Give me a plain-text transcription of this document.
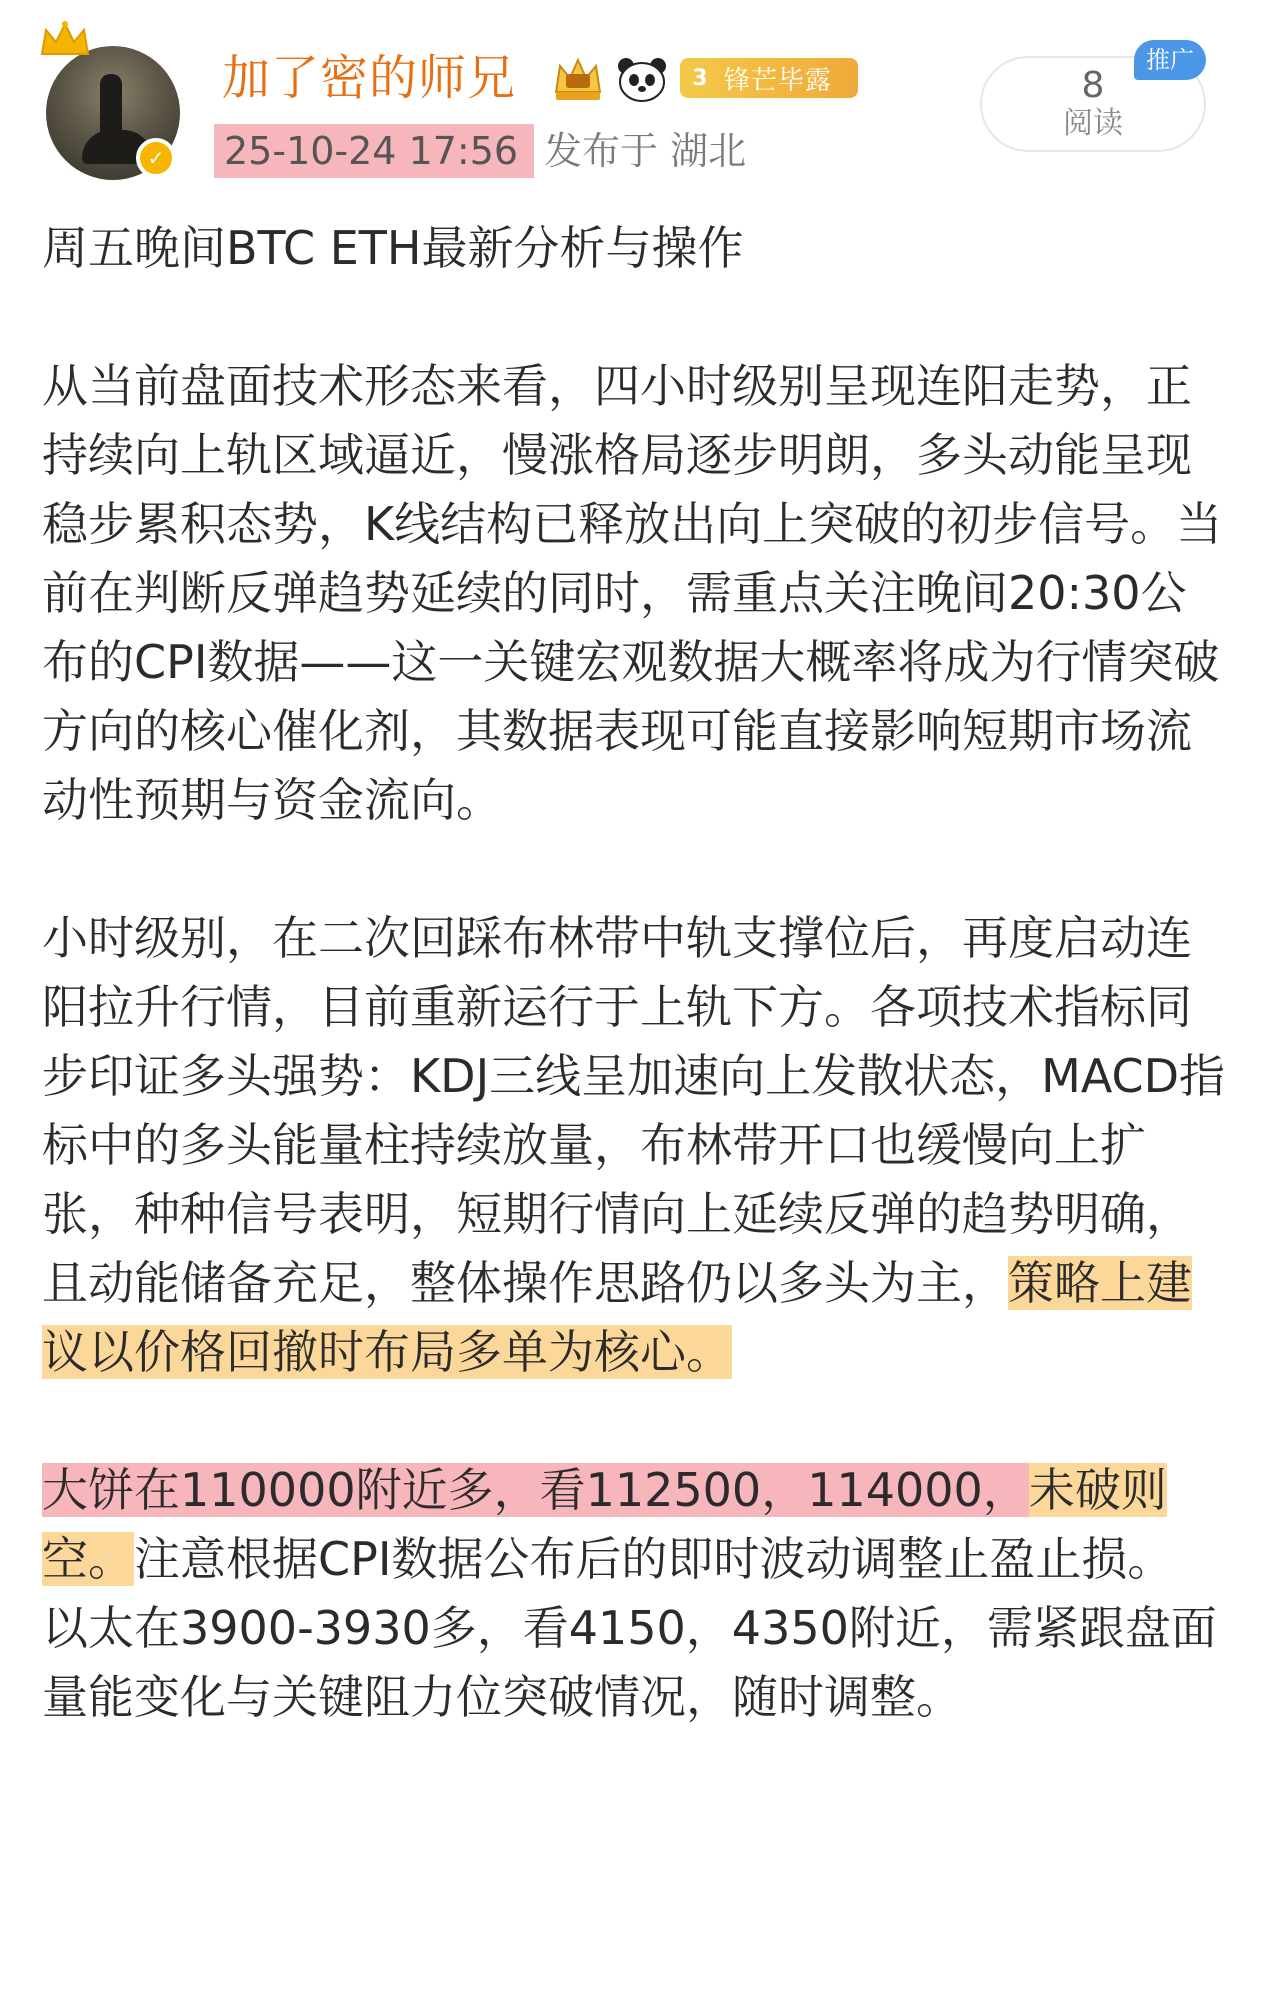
✓
加了密的师兄	3 锋芒毕露
25-10-24 17:56 发布于 湖北
8
阅读
推广

周五晚间BTC ETH最新分析与操作

从当前盘面技术形态来看，四小时级别呈现连阳走势，正持续向上轨区域逼近，慢涨格局逐步明朗，多头动能呈现稳步累积态势，K线结构已释放出向上突破的初步信号。当前在判断反弹趋势延续的同时，需重点关注晚间20:30公布的CPI数据——这一关键宏观数据大概率将成为行情突破方向的核心催化剂，其数据表现可能直接影响短期市场流动性预期与资金流向。

小时级别，在二次回踩布林带中轨支撑位后，再度启动连阳拉升行情，目前重新运行于上轨下方。各项技术指标同步印证多头强势：KDJ三线呈加速向上发散状态，MACD指标中的多头能量柱持续放量，布林带开口也缓慢向上扩张，种种信号表明，短期行情向上延续反弹的趋势明确，且动能储备充足，整体操作思路仍以多头为主，策略上建议以价格回撤时布局多单为核心。

大饼在110000附近多，看112500，114000，未破则空。注意根据CPI数据公布后的即时波动调整止盈止损。

以太在3900-3930多，看4150，4350附近，需紧跟盘面量能变化与关键阻力位突破情况，随时调整。
